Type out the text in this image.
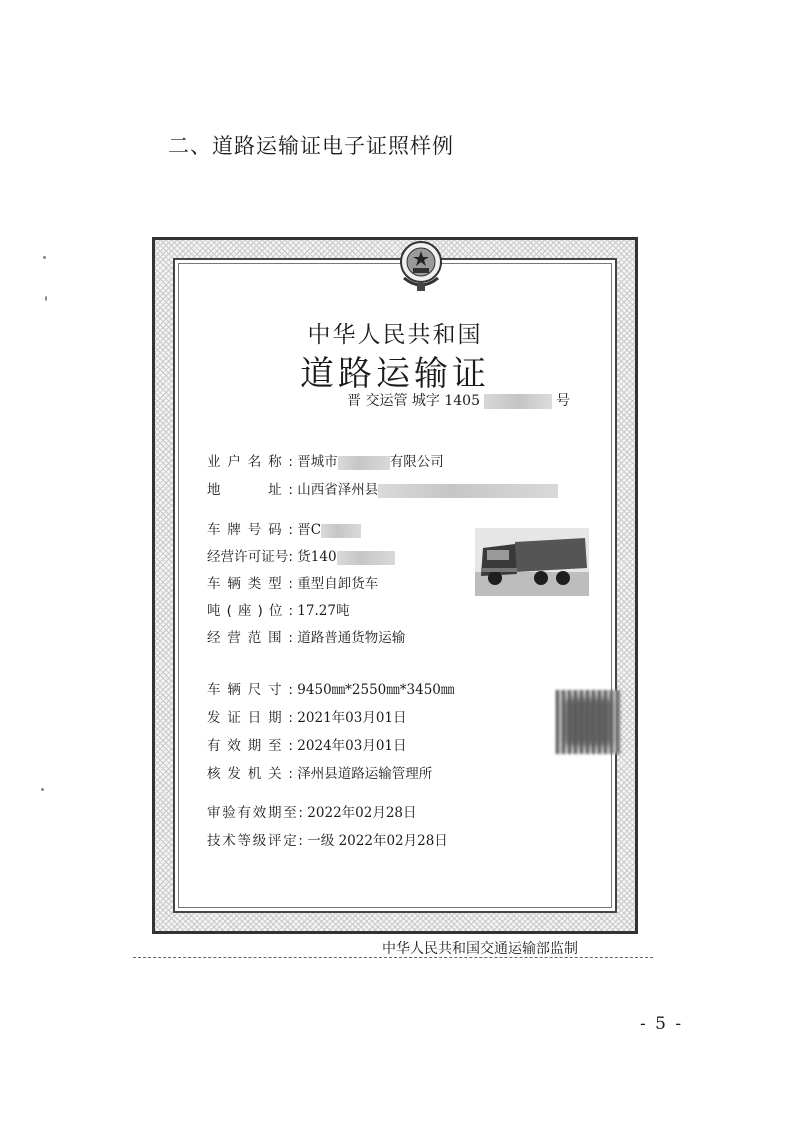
二、道路运输证电子证照样例
中华人民共和国
道路运输证
晋 交运管 城字 1405	号
业户名称: 晋城市	有限公司
地　　址: 山西省泽州县
车牌号码: 晋C
经营许可证号: 货140
车辆类型: 重型自卸货车
吨(座)位: 17.27吨
经营范围: 道路普通货物运输
车辆尺寸: 9450㎜*2550㎜*3450㎜
发证日期: 2021年03月01日
有效期至: 2024年03月01日
核发机关: 泽州县道路运输管理所
审验有效期至: 2022年02月28日
技术等级评定: 一级 2022年02月28日
中华人民共和国交通运输部监制
- 5 -
